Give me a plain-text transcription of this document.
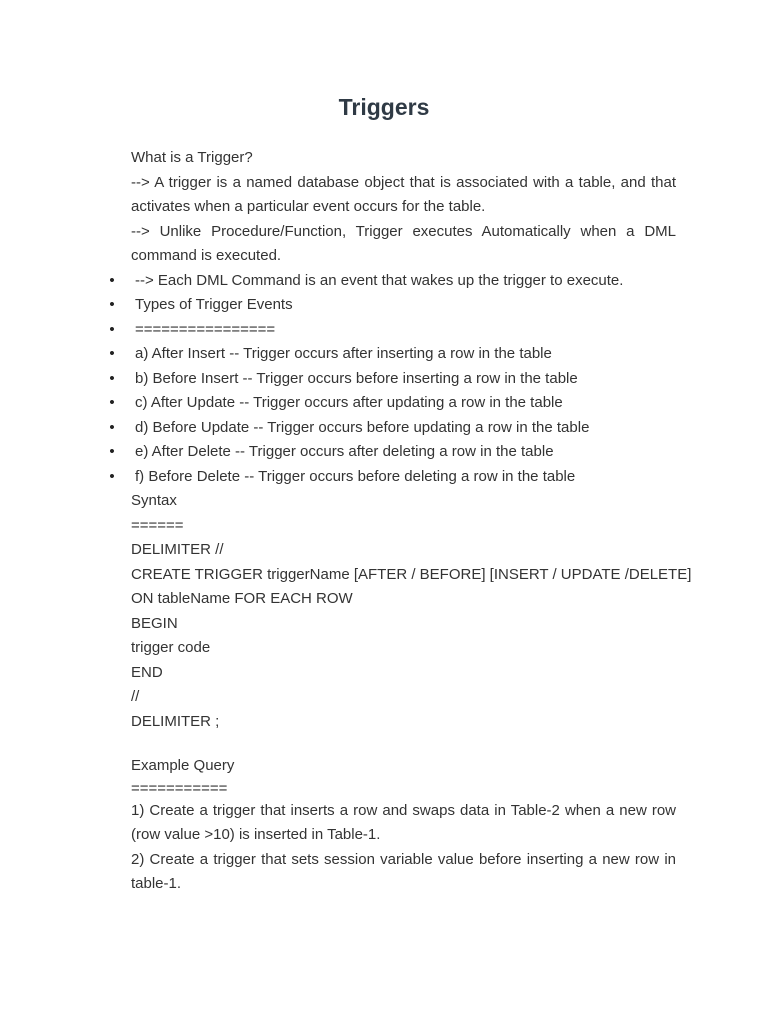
Triggers

What is a Trigger?

--> A trigger is a named database object that is associated with a table, and that activates when a particular event occurs for the table.

--> Unlike Procedure/Function, Trigger executes Automatically when a DML command is executed.

• --> Each DML Command is an event that wakes up the trigger to execute.
• Types of Trigger Events
• ================
• a) After Insert -- Trigger occurs after inserting a row in the table
• b) Before Insert -- Trigger occurs before inserting a row in the table
• c) After Update -- Trigger occurs after updating a row in the table
• d) Before Update -- Trigger occurs before updating a row in the table
• e) After Delete -- Trigger occurs after deleting a row in the table
• f) Before Delete -- Trigger occurs before deleting a row in the table

Syntax

======

DELIMITER //

CREATE TRIGGER triggerName [AFTER / BEFORE] [INSERT / UPDATE /DELETE]

ON tableName FOR EACH ROW

BEGIN

trigger code

END

//

DELIMITER ;

Example Query

===========

1) Create a trigger that inserts a row and swaps data in Table-2 when a new row (row value >10) is inserted in Table-1.

2) Create a trigger that sets session variable value before inserting a new row in table-1.
